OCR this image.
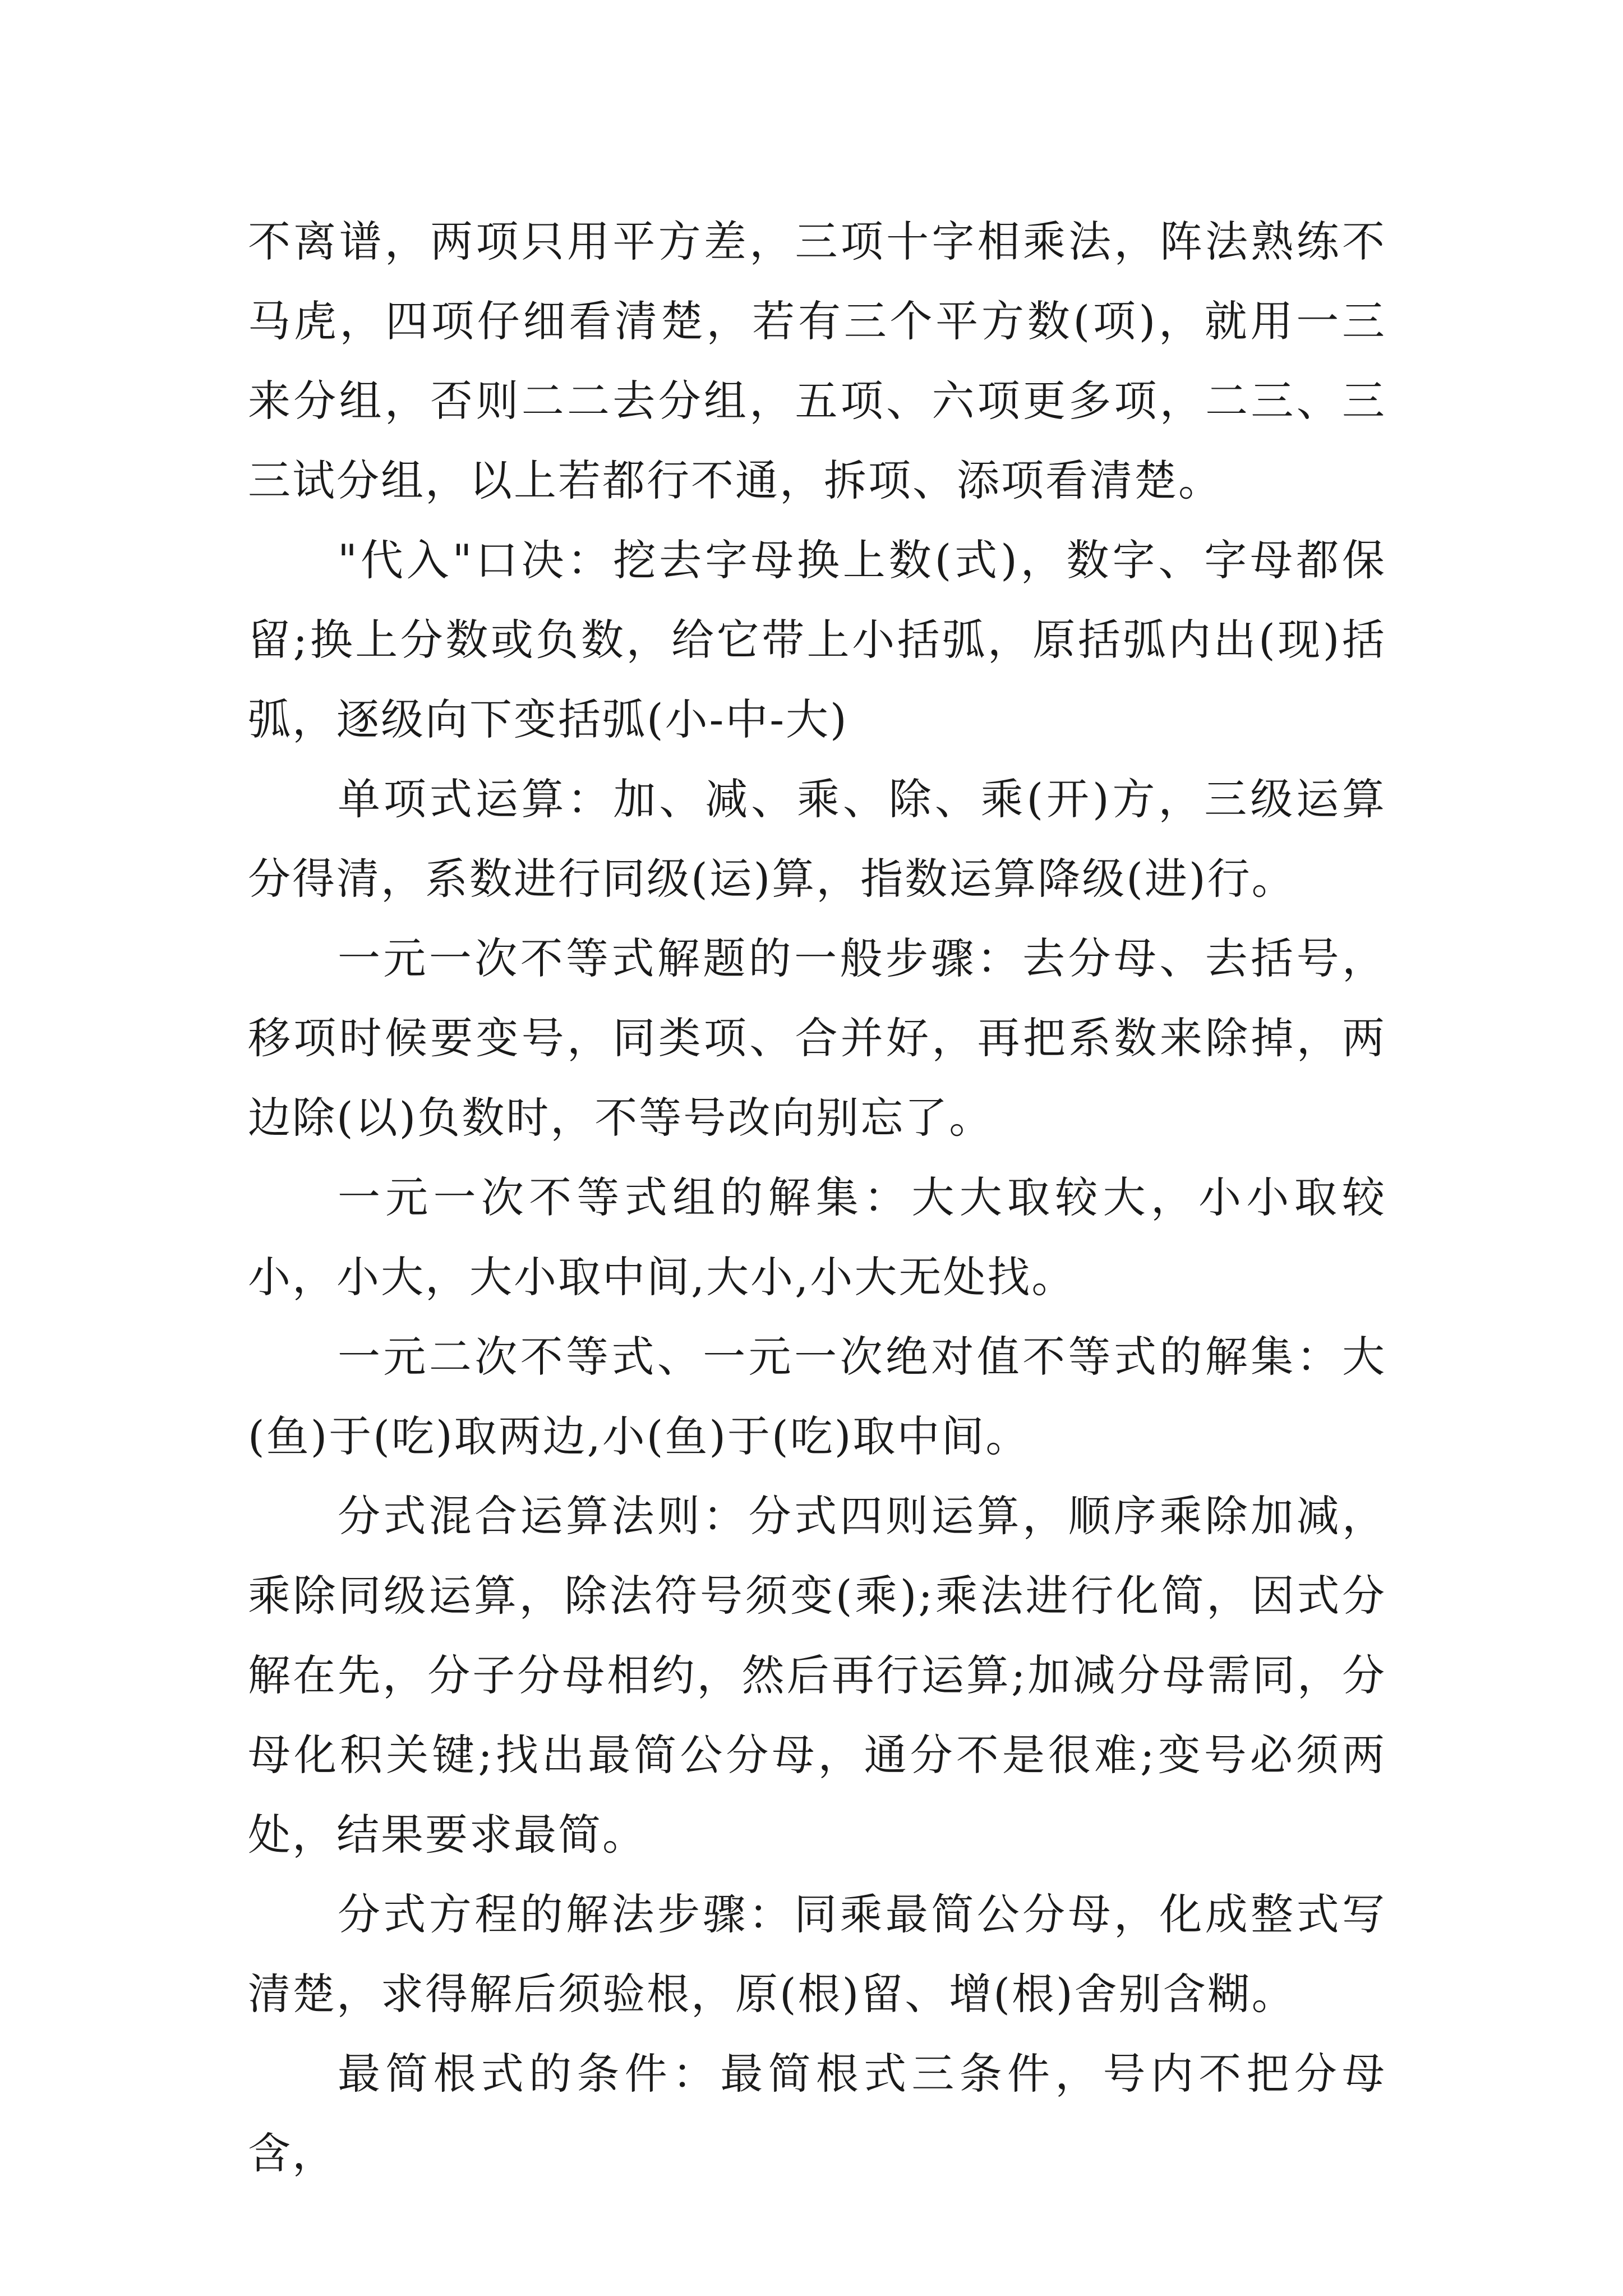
不离谱，两项只用平方差，三项十字相乘法，阵法熟练不马虎，四项仔细看清楚，若有三个平方数(项)，就用一三来分组，否则二二去分组，五项、六项更多项，二三、三三试分组，以上若都行不通，拆项、添项看清楚。

"代入"口决：挖去字母换上数(式)，数字、字母都保留;换上分数或负数，给它带上小括弧，原括弧内出(现)括弧，逐级向下变括弧(小-中-大)

单项式运算：加、减、乘、除、乘(开)方，三级运算分得清，系数进行同级(运)算，指数运算降级(进)行。

一元一次不等式解题的一般步骤：去分母、去括号，移项时候要变号，同类项、合并好，再把系数来除掉，两边除(以)负数时，不等号改向别忘了。

一元一次不等式组的解集：大大取较大，小小取较小，小大，大小取中间,大小,小大无处找。

一元二次不等式、一元一次绝对值不等式的解集：大(鱼)于(吃)取两边,小(鱼)于(吃)取中间。

分式混合运算法则：分式四则运算，顺序乘除加减，乘除同级运算，除法符号须变(乘);乘法进行化简，因式分解在先，分子分母相约，然后再行运算;加减分母需同，分母化积关键;找出最简公分母，通分不是很难;变号必须两处，结果要求最简。

分式方程的解法步骤：同乘最简公分母，化成整式写清楚，求得解后须验根，原(根)留、增(根)舍别含糊。

最简根式的条件：最简根式三条件，号内不把分母含，
